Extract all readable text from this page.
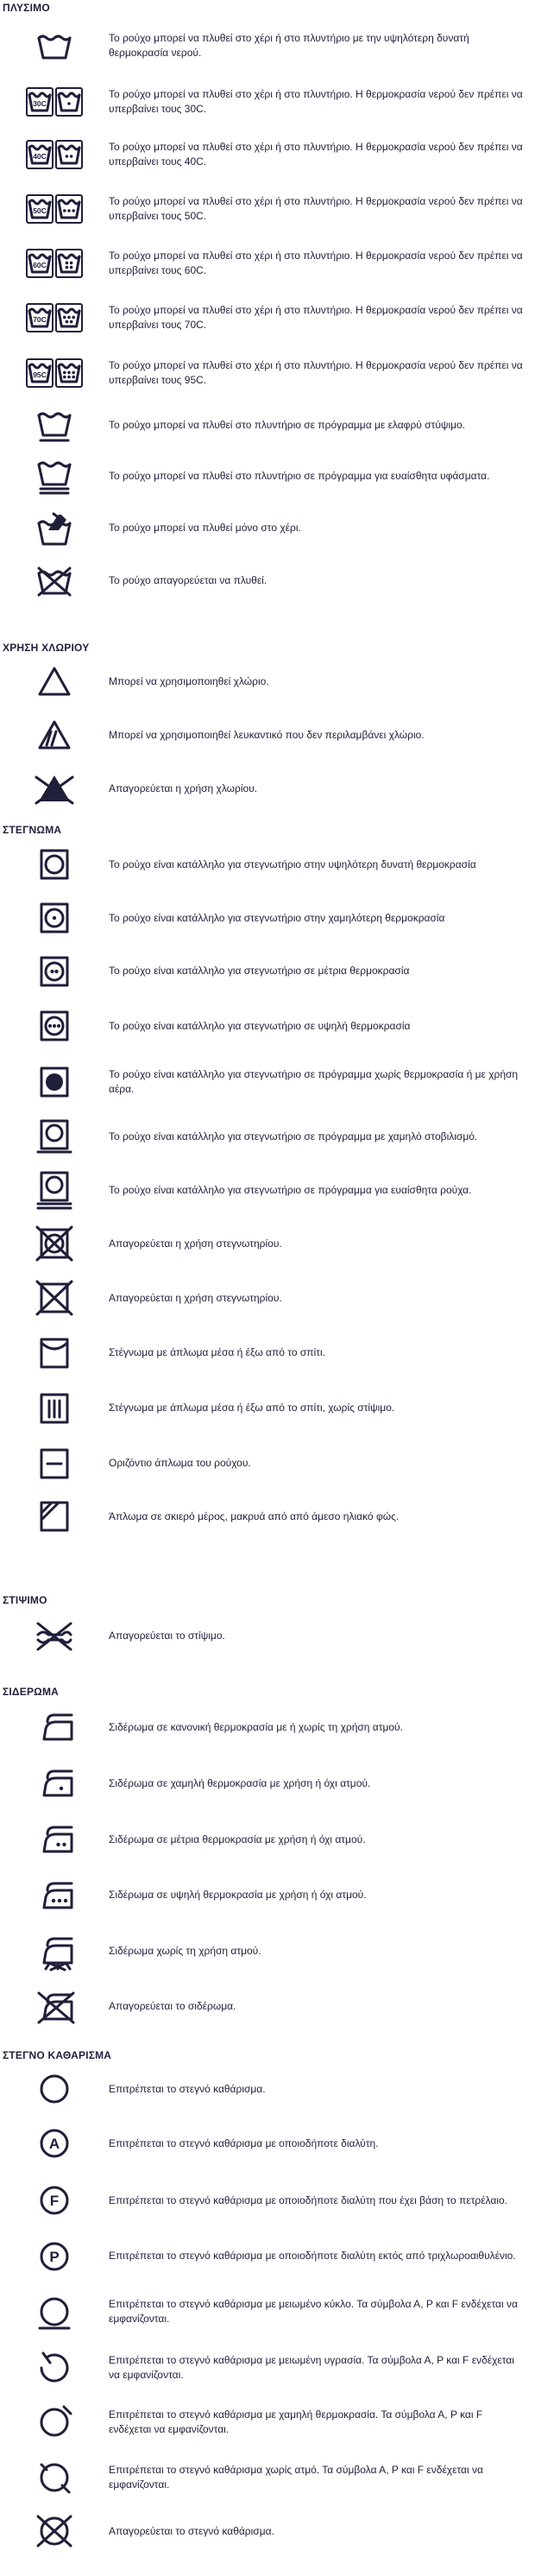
ΠΛΥΣΙΜΟ
Το ρούχο μπορεί να πλυθεί στο χέρι ή στο πλυντήριο με την υψηλότερη δυνατή θερμοκρασία νερού.
30C
Το ρούχο μπορεί να πλυθεί στο χέρι ή στο πλυντήριο. Η θερμοκρασία νερού δεν πρέπει να υπερβαίνει τους 30C.
40C
Το ρούχο μπορεί να πλυθεί στο χέρι ή στο πλυντήριο. Η θερμοκρασία νερού δεν πρέπει να υπερβαίνει τους 40C.
50C
Το ρούχο μπορεί να πλυθεί στο χέρι ή στο πλυντήριο. Η θερμοκρασία νερού δεν πρέπει να υπερβαίνει τους 50C.
60C
Το ρούχο μπορεί να πλυθεί στο χέρι ή στο πλυντήριο. Η θερμοκρασία νερού δεν πρέπει να υπερβαίνει τους 60C.
70C
Το ρούχο μπορεί να πλυθεί στο χέρι ή στο πλυντήριο. Η θερμοκρασία νερού δεν πρέπει να υπερβαίνει τους 70C.
95C
Το ρούχο μπορεί να πλυθεί στο χέρι ή στο πλυντήριο. Η θερμοκρασία νερού δεν πρέπει να υπερβαίνει τους 95C.
Το ρούχο μπορεί να πλυθεί στο πλυντήριο σε πρόγραμμα με ελαφρύ στύψιμο.
Το ρούχο μπορεί να πλυθεί στο πλυντήριο σε πρόγραμμα για ευαίσθητα υφάσματα.
Το ρούχο μπορεί να πλυθεί μόνο στο χέρι.
Το ρούχο απαγορεύεται να πλυθεί.
ΧΡΗΣΗ ΧΛΩΡΙΟΥ
Μπορεί να χρησιμοποιηθεί χλώριο.
Μπορεί να χρησιμοποιηθεί λευκαντικό που δεν περιλαμβάνει χλώριο.
Απαγορεύεται η χρήση χλωρίου.
ΣΤΕΓΝΩΜΑ
Το ρούχο είναι κατάλληλο για στεγνωτήριο στην υψηλότερη δυνατή θερμοκρασία
Το ρούχο είναι κατάλληλο για στεγνωτήριο στην χαμηλότερη θερμοκρασία
Το ρούχο είναι κατάλληλο για στεγνωτήριο σε μέτρια θερμοκρασία
Το ρούχο είναι κατάλληλο για στεγνωτήριο σε υψηλή θερμοκρασία
Το ρούχο είναι κατάλληλο για στεγνωτήριο σε πρόγραμμα χωρίς θερμοκρασία ή με χρήση αέρα.
Το ρούχο είναι κατάλληλο για στεγνωτήριο σε πρόγραμμα με χαμηλό στοβιλισμό.
Το ρούχο είναι κατάλληλο για στεγνωτήριο σε πρόγραμμα για ευαίσθητα ρούχα.
Απαγορεύεται η χρήση στεγνωτηρίου.
Απαγορεύεται η χρήση στεγνωτηρίου.
Στέγνωμα με άπλωμα μέσα ή έξω από το σπίτι.
Στέγνωμα με άπλωμα μέσα ή έξω από το σπίτι, χωρίς στίψιμο.
Οριζόντιο άπλωμα του ρούχου.
Άπλωμα σε σκιερό μέρος, μακρυά από από άμεσο ηλιακό φώς.
ΣΤΙΨΙΜΟ
Απαγορεύεται το στίψιμο.
ΣΙΔΕΡΩΜΑ
Σιδέρωμα σε κανονική θερμοκρασία με ή χωρίς τη χρήση ατμού.
Σιδέρωμα σε χαμηλή θερμοκρασία με χρήση ή όχι ατμού.
Σιδέρωμα σε μέτρια θερμοκρασία με χρήση ή όχι ατμού.
Σιδέρωμα σε υψηλή θερμοκρασία με χρήση ή όχι ατμού.
Σιδέρωμα χωρίς τη χρήση ατμού.
Απαγορεύεται το σιδέρωμα.
ΣΤΕΓΝΟ ΚΑΘΑΡΙΣΜΑ
Επιτρέπεται το στεγνό καθάρισμα.
A	Επιτρέπεται το στεγνό καθάρισμα με οποιοδήποτε διαλύτη.
F	Επιτρέπεται το στεγνό καθάρισμα με οποιοδήποτε διαλύτη που έχει βάση το πετρέλαιο.
P	Επιτρέπεται το στεγνό καθάρισμα με οποιοδήποτε διαλύτη εκτός από τριχλωροαιθυλένιο.
Επιτρέπεται το στεγνό καθάρισμα με μειωμένο κύκλο. Τα σύμβολα Α, P και F ενδέχεται να εμφανίζονται.
Επιτρέπεται το στεγνό καθάρισμα με μειωμένη υγρασία. Τα σύμβολα Α, P και F ενδέχεται να εμφανίζονται.
Επιτρέπεται το στεγνό καθάρισμα με χαμηλή θερμοκρασία. Τα σύμβολα Α, P και F ενδέχεται να εμφανίζονται.
Επιτρέπεται το στεγνό καθάρισμα χωρίς ατμό. Τα σύμβολα Α, P και F ενδέχεται να εμφανίζονται.
Απαγορεύεται το στεγνό καθάρισμα.
